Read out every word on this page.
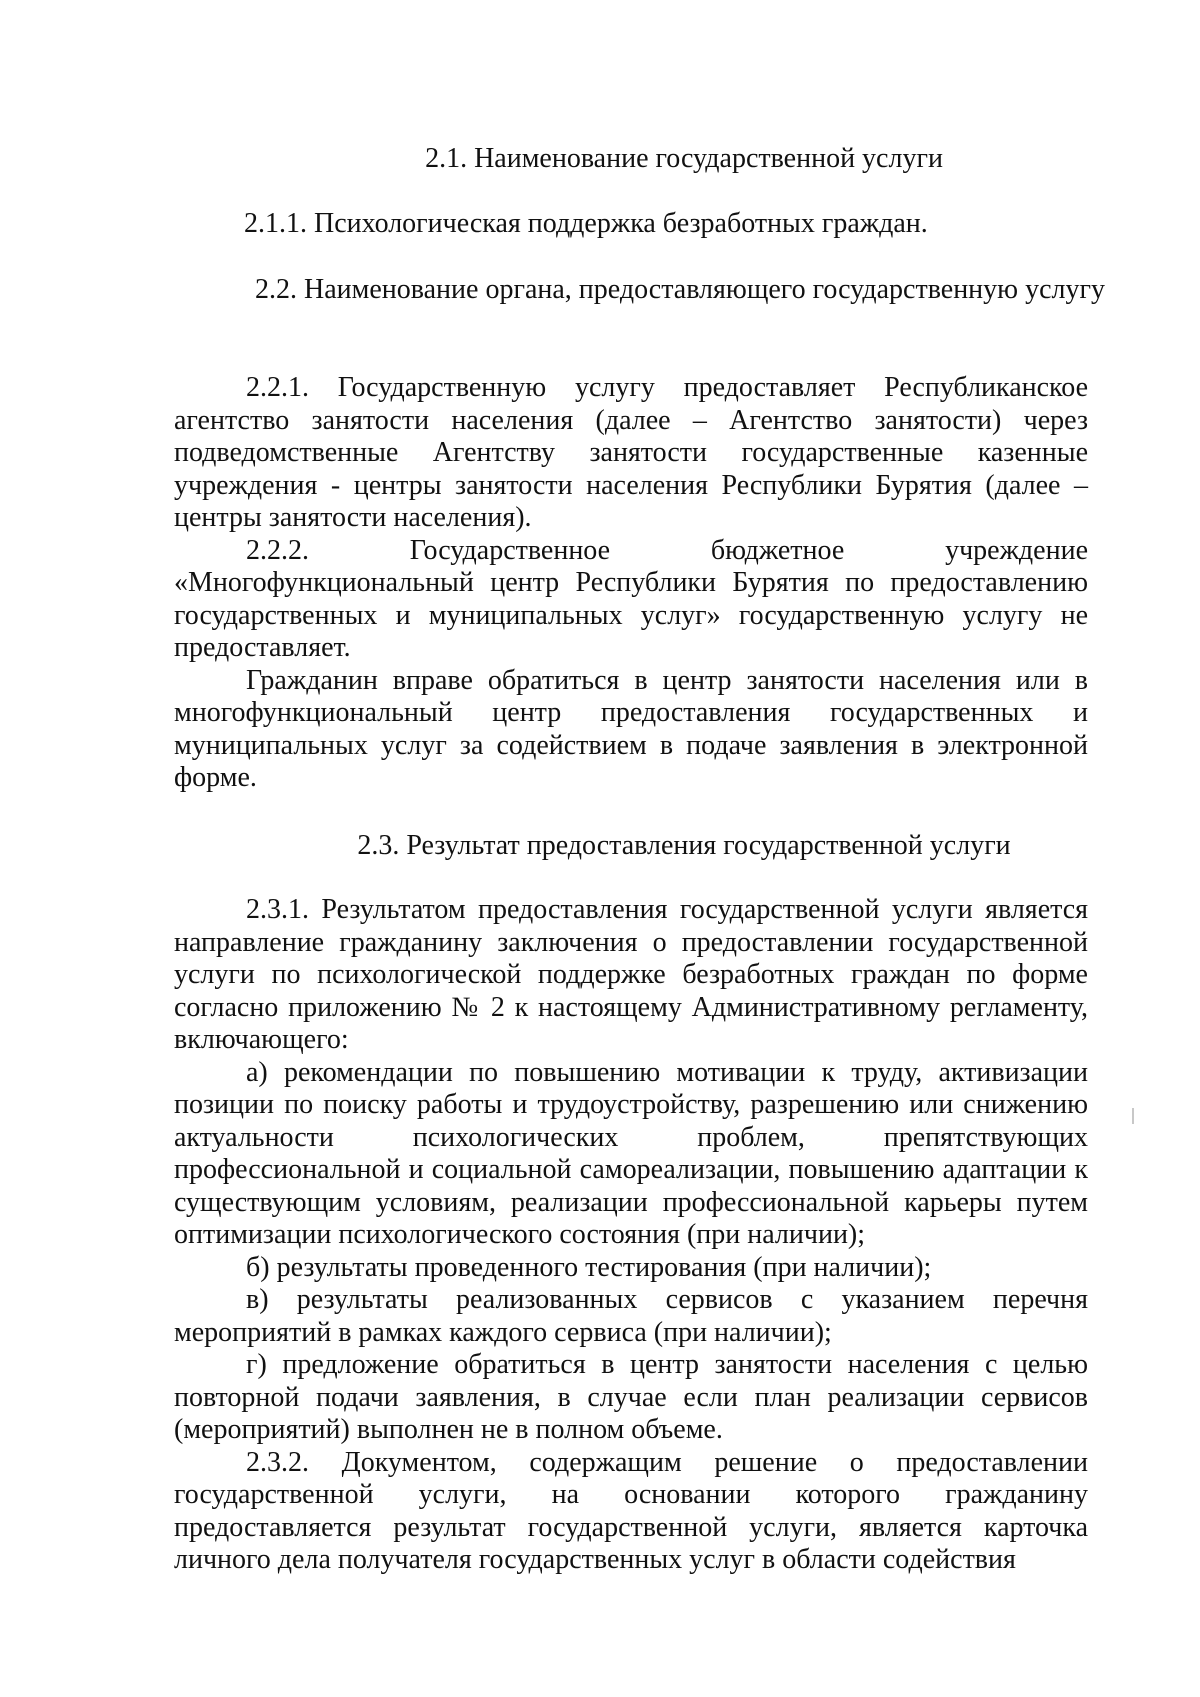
2.1. Наименование государственной услуги
2.1.1. Психологическая поддержка безработных граждан.
2.2. Наименование органа, предоставляющего государственную услугу

2.2.1. Государственную услугу предоставляет Республиканское агентство занятости населения (далее – Агентство занятости) через подведомственные Агентству занятости государственные казенные учреждения - центры занятости населения Республики Бурятия (далее – центры занятости населения).

2.2.2. Государственное бюджетное учреждение «Многофункциональный центр Республики Бурятия по предоставлению государственных и муниципальных услуг» государственную услугу не предоставляет.

Гражданин вправе обратиться в центр занятости населения или в многофункциональный центр предоставления государственных и муниципальных услуг за содействием в подаче заявления в электронной форме.

2.3. Результат предоставления государственной услуги

2.3.1. Результатом предоставления государственной услуги является направление гражданину заключения о предоставлении государственной услуги по психологической поддержке безработных граждан по форме согласно приложению № 2 к настоящему Административному регламенту, включающего:

а) рекомендации по повышению мотивации к труду, активизации позиции по поиску работы и трудоустройству, разрешению или снижению актуальности психологических проблем, препятствующих профессиональной и социальной самореализации, повышению адаптации к существующим условиям, реализации профессиональной карьеры путем оптимизации психологического состояния (при наличии);

б) результаты проведенного тестирования (при наличии);

в) результаты реализованных сервисов с указанием перечня мероприятий в рамках каждого сервиса (при наличии);

г) предложение обратиться в центр занятости населения с целью повторной подачи заявления, в случае если план реализации сервисов (мероприятий) выполнен не в полном объеме.

2.3.2. Документом, содержащим решение о предоставлении государственной услуги, на основании которого гражданину предоставляется результат государственной услуги, является карточка личного дела получателя государственных услуг в области содействия
